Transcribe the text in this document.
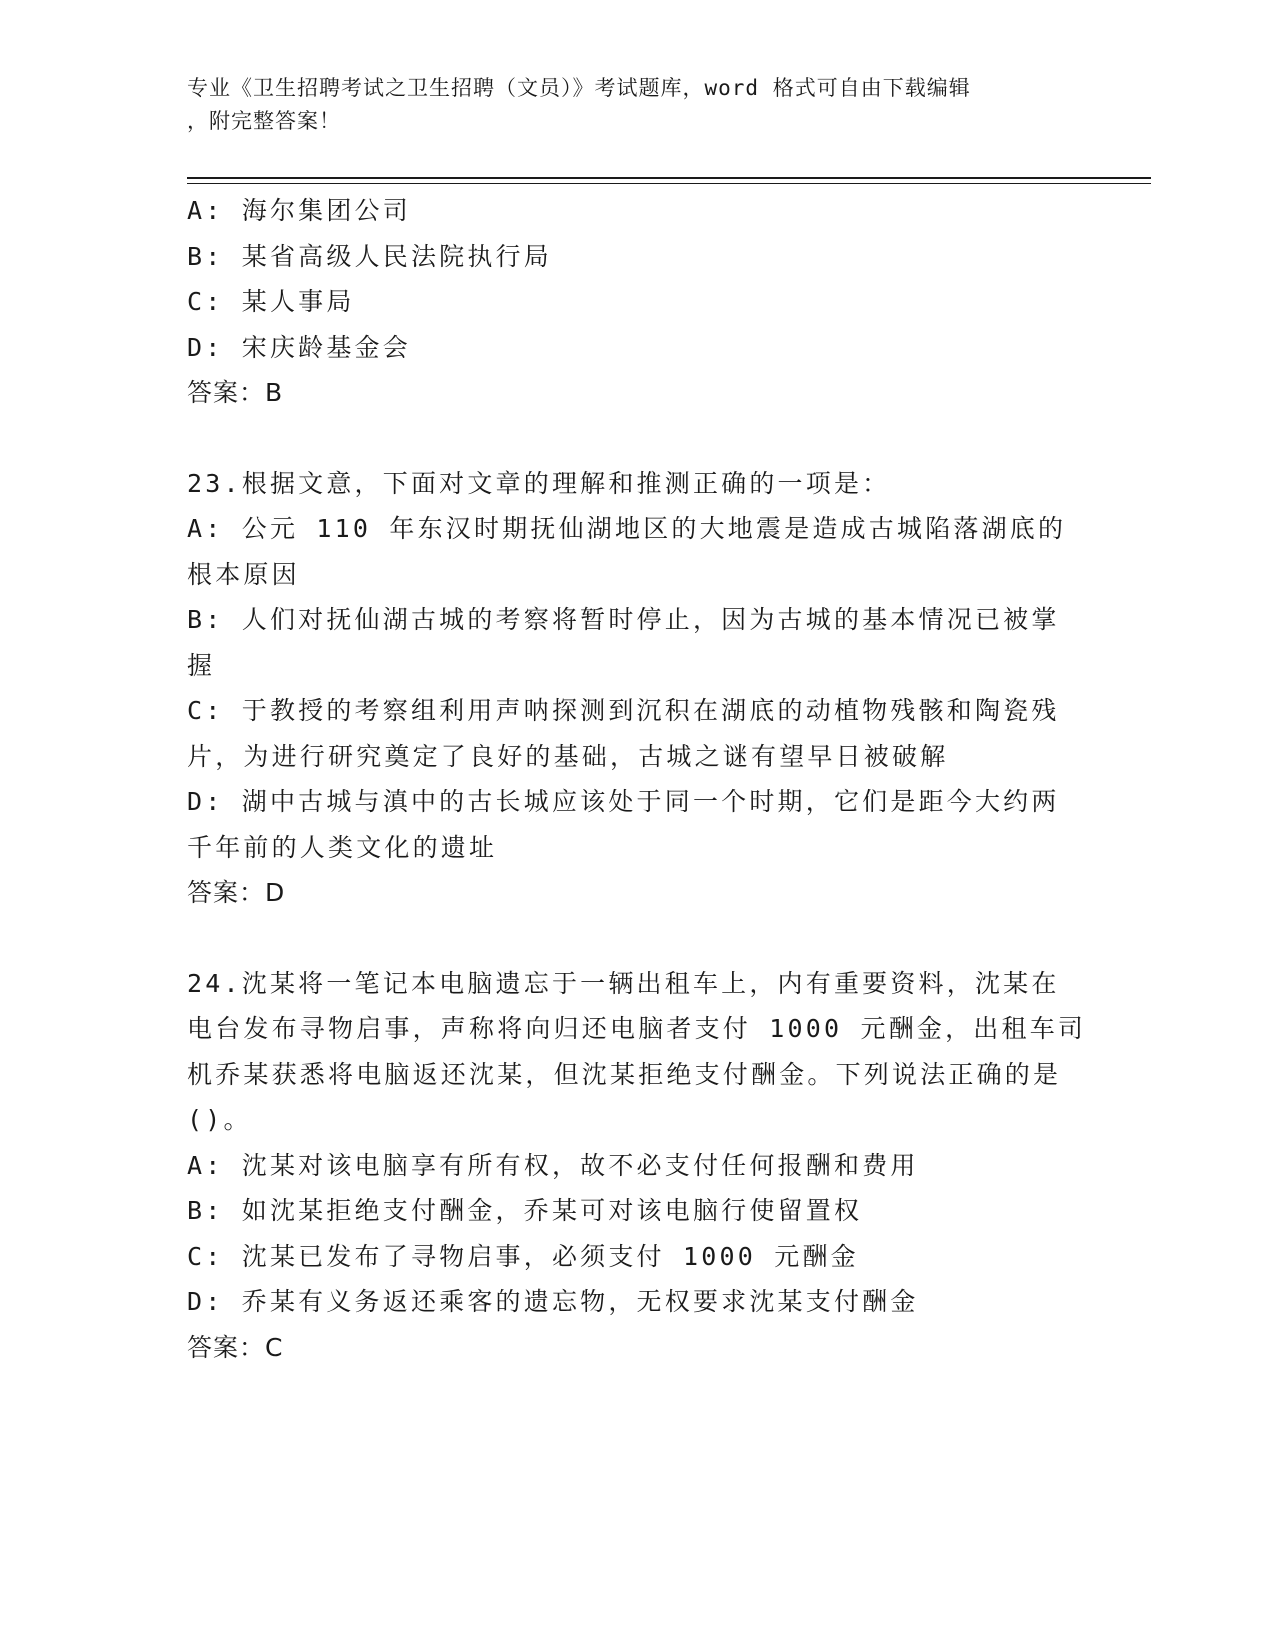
专业《卫生招聘考试之卫生招聘（文员）》考试题库，word 格式可自由下载编辑
，附完整答案！

A: 海尔集团公司

B: 某省高级人民法院执行局

C: 某人事局

D: 宋庆龄基金会

答案：B

23.根据文意，下面对文章的理解和推测正确的一项是：

A: 公元 110 年东汉时期抚仙湖地区的大地震是造成古城陷落湖底的根本原因

B: 人们对抚仙湖古城的考察将暂时停止，因为古城的基本情况已被掌握

C: 于教授的考察组利用声呐探测到沉积在湖底的动植物残骸和陶瓷残片，为进行研究奠定了良好的基础，古城之谜有望早日被破解

D: 湖中古城与滇中的古长城应该处于同一个时期，它们是距今大约两千年前的人类文化的遗址

答案：D

24.沈某将一笔记本电脑遗忘于一辆出租车上，内有重要资料，沈某在电台发布寻物启事，声称将向归还电脑者支付 1000 元酬金，出租车司机乔某获悉将电脑返还沈某，但沈某拒绝支付酬金。下列说法正确的是()。

A: 沈某对该电脑享有所有权，故不必支付任何报酬和费用

B: 如沈某拒绝支付酬金，乔某可对该电脑行使留置权

C: 沈某已发布了寻物启事，必须支付 1000 元酬金

D: 乔某有义务返还乘客的遗忘物，无权要求沈某支付酬金

答案：C
